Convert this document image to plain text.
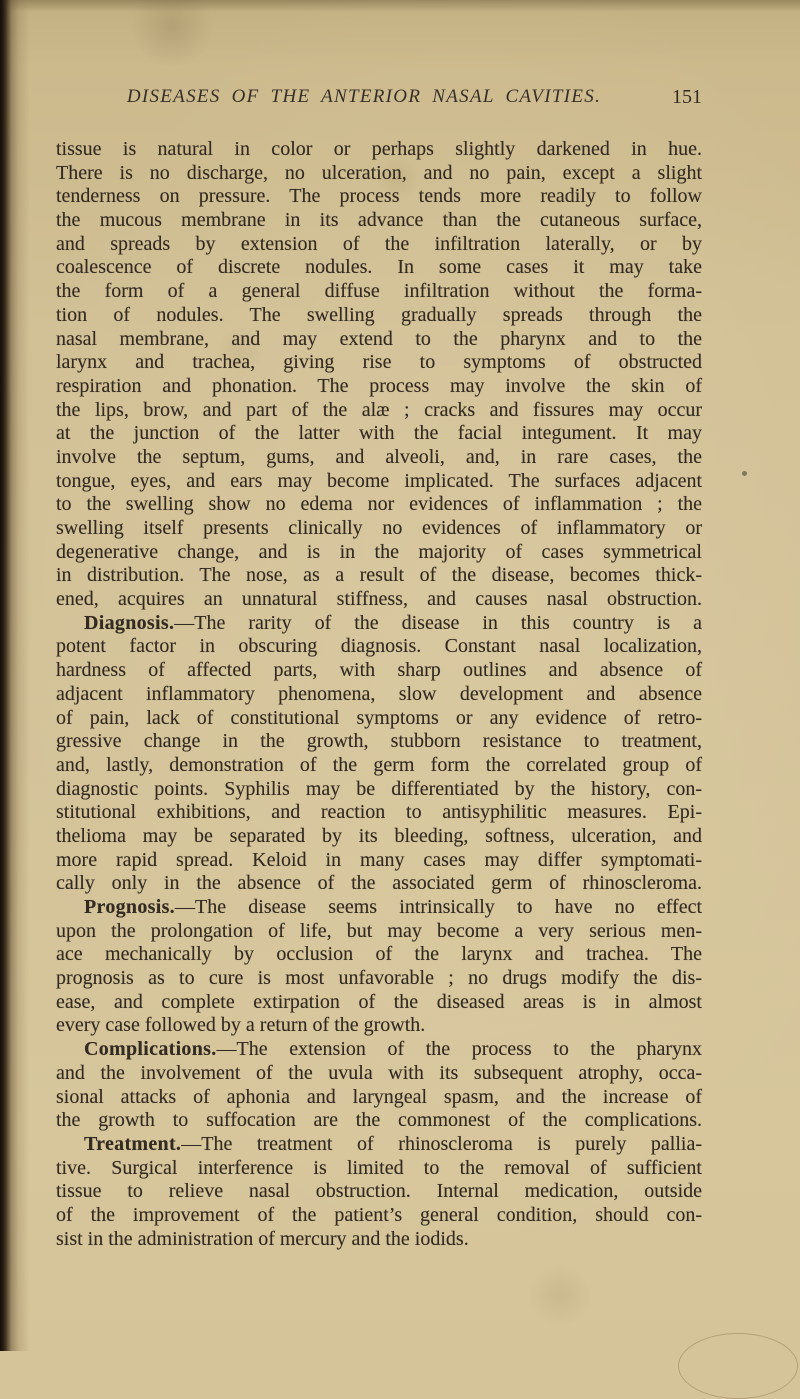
DISEASES OF THE ANTERIOR NASAL CAVITIES.	151
tissue is natural in color or perhaps slightly darkened in hue.
There is no discharge, no ulceration, and no pain, except a slight
tenderness on pressure. The process tends more readily to follow
the mucous membrane in its advance than the cutaneous surface,
and spreads by extension of the infiltration laterally, or by
coalescence of discrete nodules. In some cases it may take
the form of a general diffuse infiltration without the forma-
tion of nodules. The swelling gradually spreads through the
nasal membrane, and may extend to the pharynx and to the
larynx and trachea, giving rise to symptoms of obstructed
respiration and phonation. The process may involve the skin of
the lips, brow, and part of the alæ ; cracks and fissures may occur
at the junction of the latter with the facial integument. It may
involve the septum, gums, and alveoli, and, in rare cases, the
tongue, eyes, and ears may become implicated. The surfaces adjacent
to the swelling show no edema nor evidences of inflammation ; the
swelling itself presents clinically no evidences of inflammatory or
degenerative change, and is in the majority of cases symmetrical
in distribution. The nose, as a result of the disease, becomes thick-
ened, acquires an unnatural stiffness, and causes nasal obstruction.
Diagnosis.—The rarity of the disease in this country is a
potent factor in obscuring diagnosis. Constant nasal localization,
hardness of affected parts, with sharp outlines and absence of
adjacent inflammatory phenomena, slow development and absence
of pain, lack of constitutional symptoms or any evidence of retro-
gressive change in the growth, stubborn resistance to treatment,
and, lastly, demonstration of the germ form the correlated group of
diagnostic points. Syphilis may be differentiated by the history, con-
stitutional exhibitions, and reaction to antisyphilitic measures. Epi-
thelioma may be separated by its bleeding, softness, ulceration, and
more rapid spread. Keloid in many cases may differ symptomati-
cally only in the absence of the associated germ of rhinoscleroma.
Prognosis.—The disease seems intrinsically to have no effect
upon the prolongation of life, but may become a very serious men-
ace mechanically by occlusion of the larynx and trachea. The
prognosis as to cure is most unfavorable ; no drugs modify the dis-
ease, and complete extirpation of the diseased areas is in almost
every case followed by a return of the growth.
Complications.—The extension of the process to the pharynx
and the involvement of the uvula with its subsequent atrophy, occa-
sional attacks of aphonia and laryngeal spasm, and the increase of
the growth to suffocation are the commonest of the complications.
Treatment.—The treatment of rhinoscleroma is purely pallia-
tive. Surgical interference is limited to the removal of sufficient
tissue to relieve nasal obstruction. Internal medication, outside
of the improvement of the patient’s general condition, should con-
sist in the administration of mercury and the iodids.
